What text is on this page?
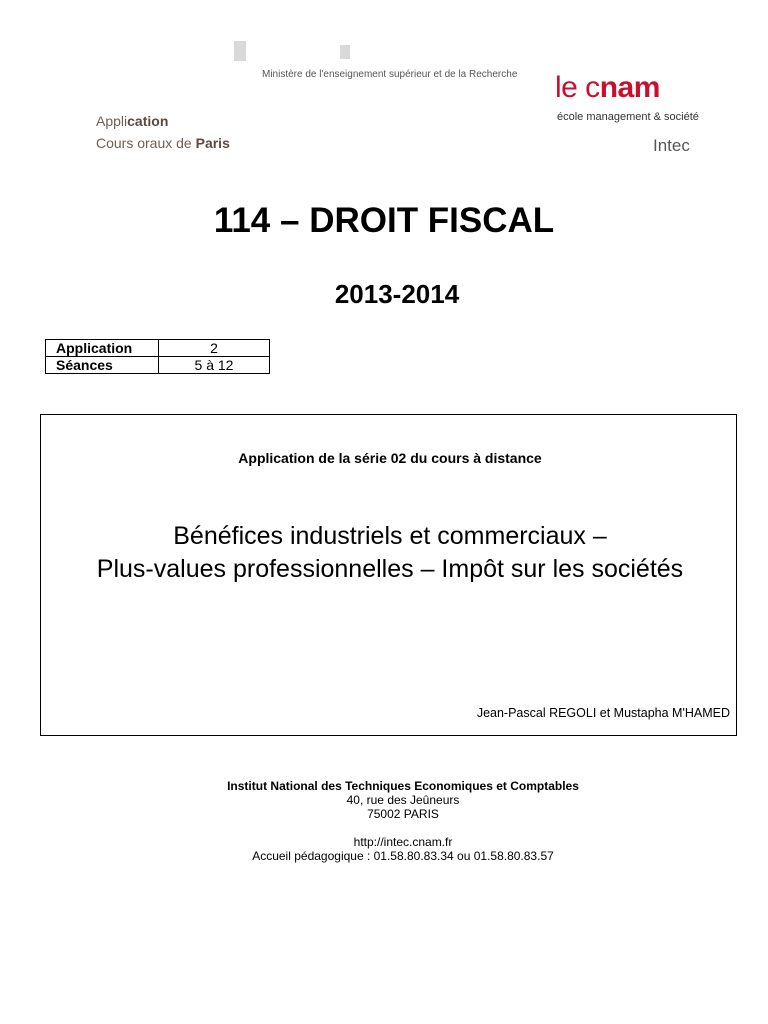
Ministère de l'enseignement supérieur et de la Recherche
Application
Cours oraux de Paris
le cnam
école management & société
Intec
114 – DROIT FISCAL
2013-2014
Application	2
Séances	5 à 12
Application de la série 02 du cours à distance
Bénéfices industriels et commerciaux –
Plus-values professionnelles – Impôt sur les sociétés
Jean-Pascal REGOLI et Mustapha M'HAMED
Institut National des Techniques Economiques et Comptables
40, rue des Jeûneurs
75002 PARIS
http://intec.cnam.fr
Accueil pédagogique : 01.58.80.83.34 ou 01.58.80.83.57
